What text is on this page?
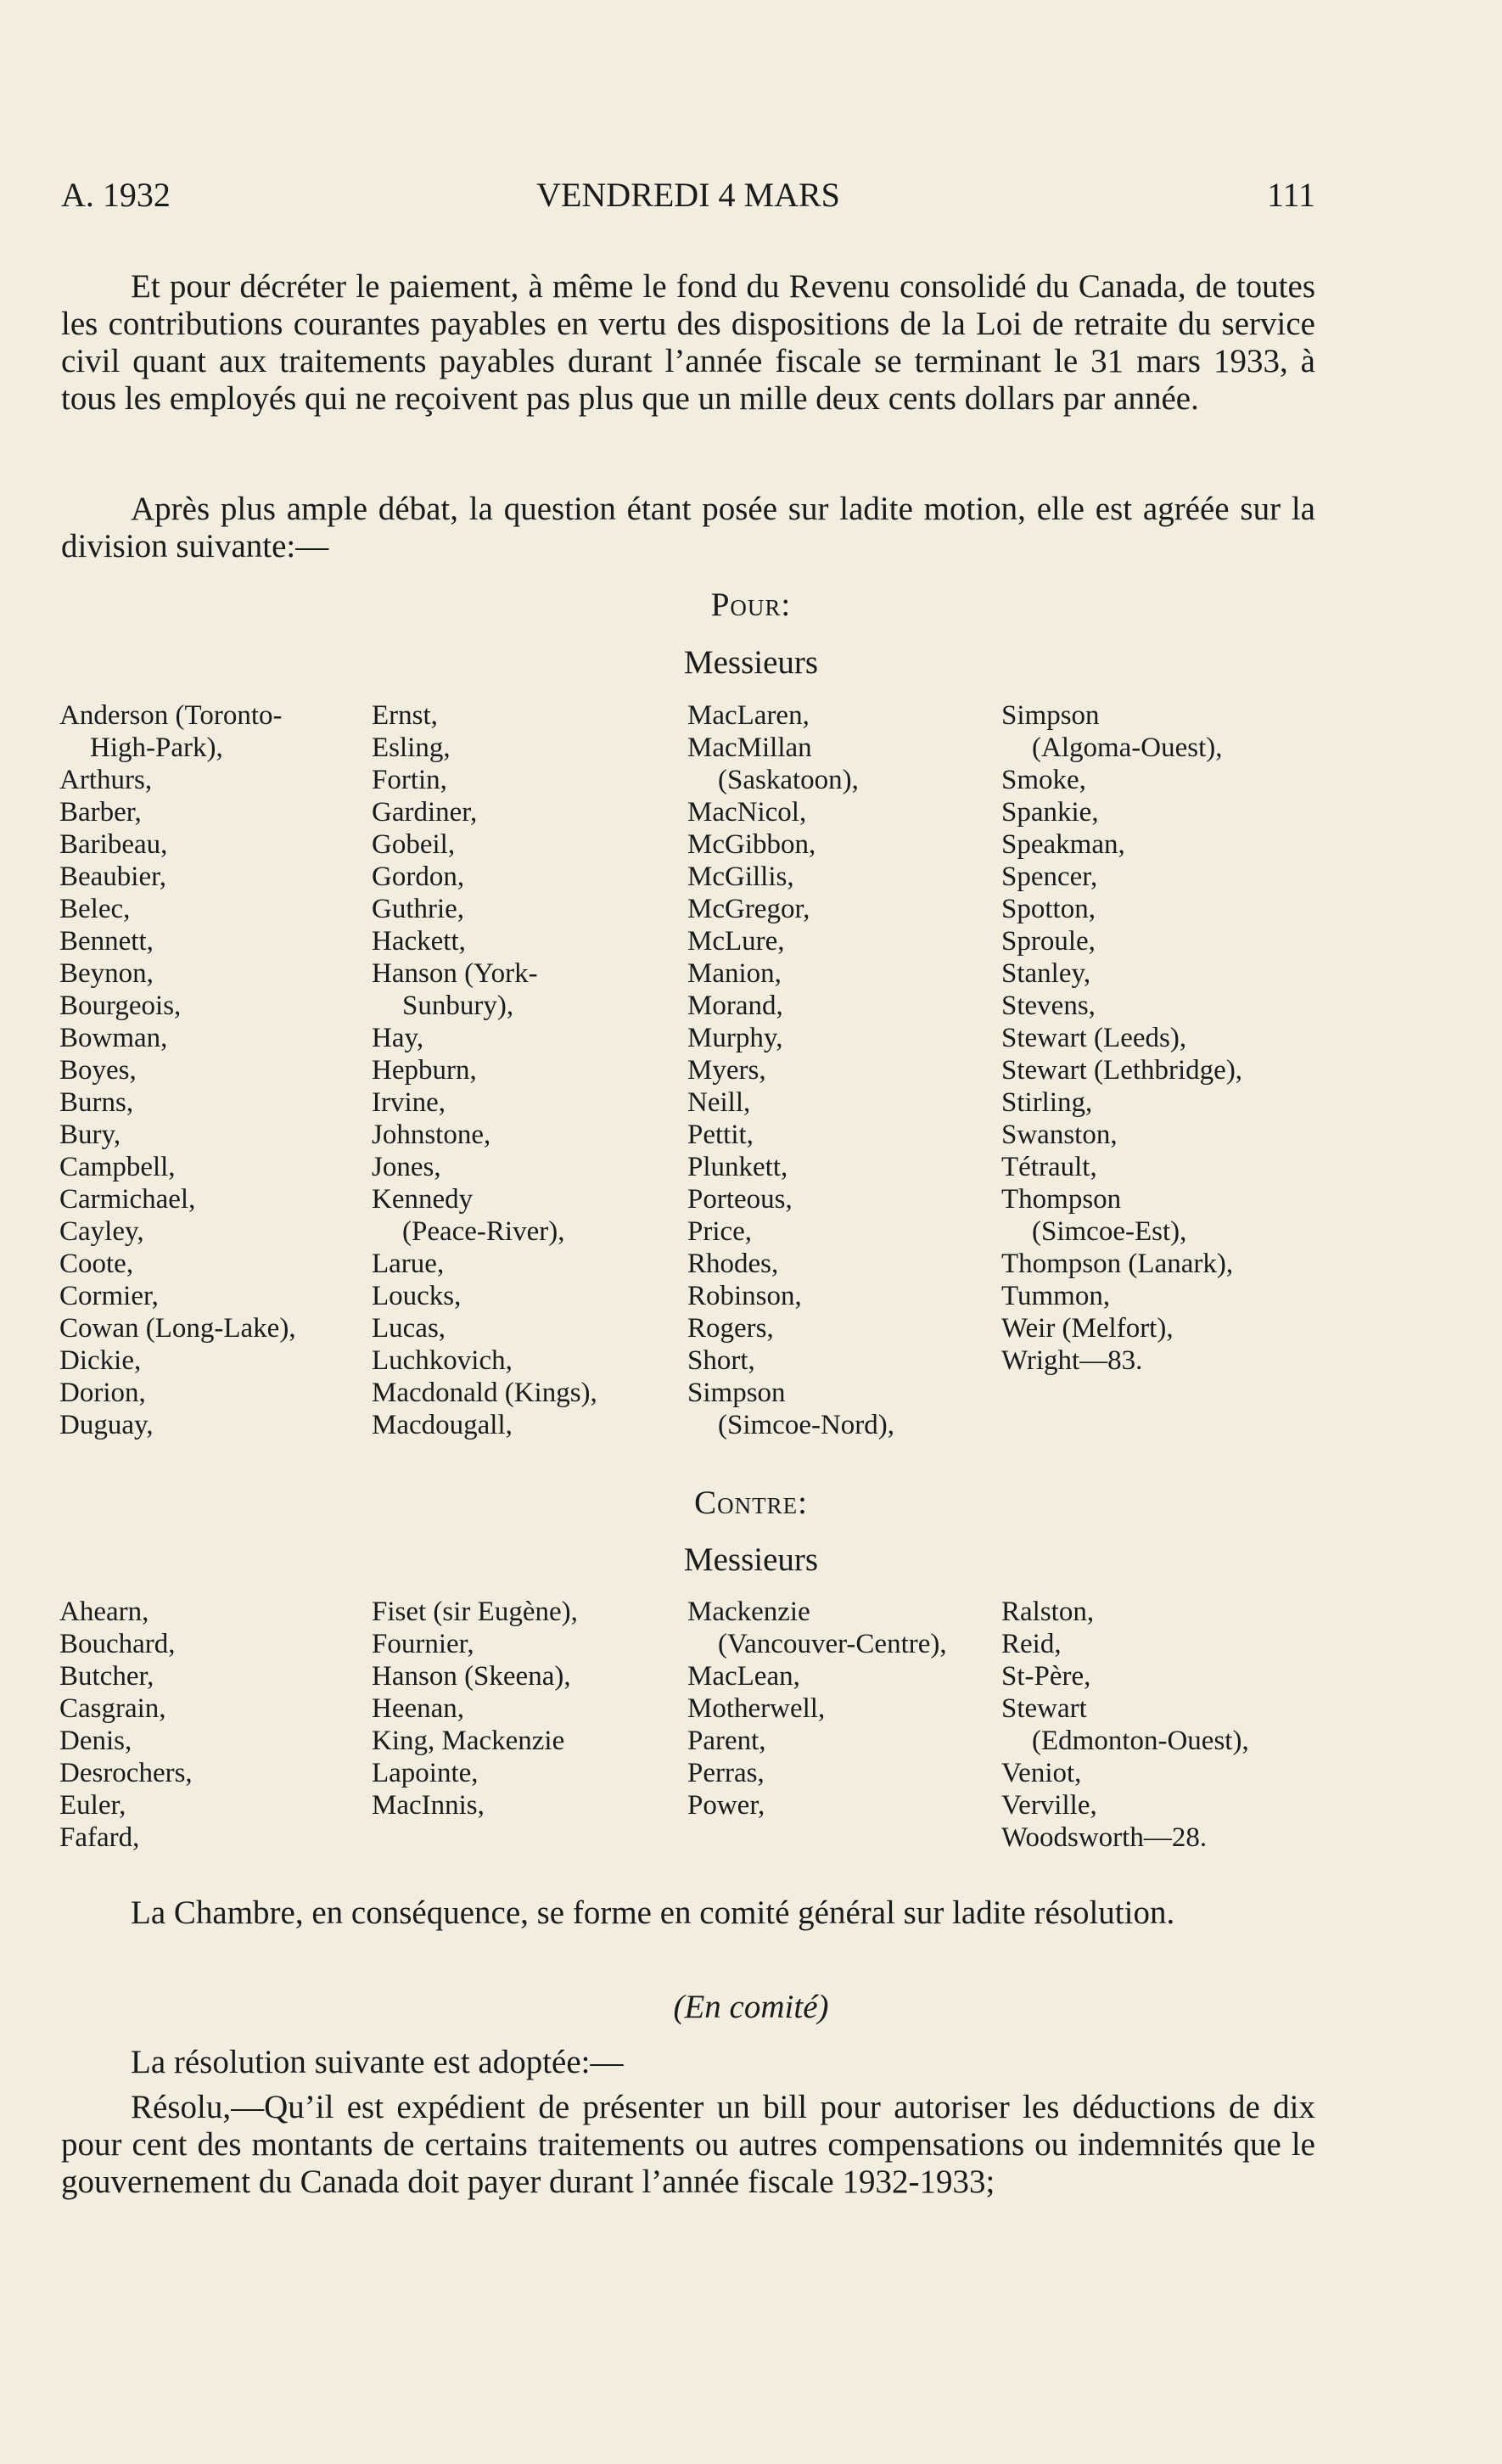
A. 1932	VENDREDI 4 MARS	111
Et pour décréter le paiement, à même le fond du Revenu consolidé du Canada, de toutes les contributions courantes payables en vertu des dispositions de la Loi de retraite du service civil quant aux traitements payables durant l’année fiscale se terminant le 31 mars 1933, à tous les employés qui ne reçoivent pas plus que un mille deux cents dollars par année.
Après plus ample débat, la question étant posée sur ladite motion, elle est agréée sur la division suivante:—
Pour:
Messieurs
Anderson (Toronto-
High-Park),
Arthurs,
Barber,
Baribeau,
Beaubier,
Belec,
Bennett,
Beynon,
Bourgeois,
Bowman,
Boyes,
Burns,
Bury,
Campbell,
Carmichael,
Cayley,
Coote,
Cormier,
Cowan (Long-Lake),
Dickie,
Dorion,
Duguay,
Ernst,
Esling,
Fortin,
Gardiner,
Gobeil,
Gordon,
Guthrie,
Hackett,
Hanson (York-
Sunbury),
Hay,
Hepburn,
Irvine,
Johnstone,
Jones,
Kennedy
(Peace-River),
Larue,
Loucks,
Lucas,
Luchkovich,
Macdonald (Kings),
Macdougall,
MacLaren,
MacMillan
(Saskatoon),
MacNicol,
McGibbon,
McGillis,
McGregor,
McLure,
Manion,
Morand,
Murphy,
Myers,
Neill,
Pettit,
Plunkett,
Porteous,
Price,
Rhodes,
Robinson,
Rogers,
Short,
Simpson
(Simcoe-Nord),
Simpson
(Algoma-Ouest),
Smoke,
Spankie,
Speakman,
Spencer,
Spotton,
Sproule,
Stanley,
Stevens,
Stewart (Leeds),
Stewart (Lethbridge),
Stirling,
Swanston,
Tétrault,
Thompson
(Simcoe-Est),
Thompson (Lanark),
Tummon,
Weir (Melfort),
Wright—83.
Contre:
Messieurs
Ahearn,
Bouchard,
Butcher,
Casgrain,
Denis,
Desrochers,
Euler,
Fafard,
Fiset (sir Eugène),
Fournier,
Hanson (Skeena),
Heenan,
King, Mackenzie
Lapointe,
MacInnis,
Mackenzie
(Vancouver-Centre),
MacLean,
Motherwell,
Parent,
Perras,
Power,
Ralston,
Reid,
St-Père,
Stewart
(Edmonton-Ouest),
Veniot,
Verville,
Woodsworth—28.
La Chambre, en conséquence, se forme en comité général sur ladite résolution.
(En comité)
La résolution suivante est adoptée:—
Résolu,—Qu’il est expédient de présenter un bill pour autoriser les déductions de dix pour cent des montants de certains traitements ou autres compensations ou indemnités que le gouvernement du Canada doit payer durant l’année fiscale 1932-1933;
